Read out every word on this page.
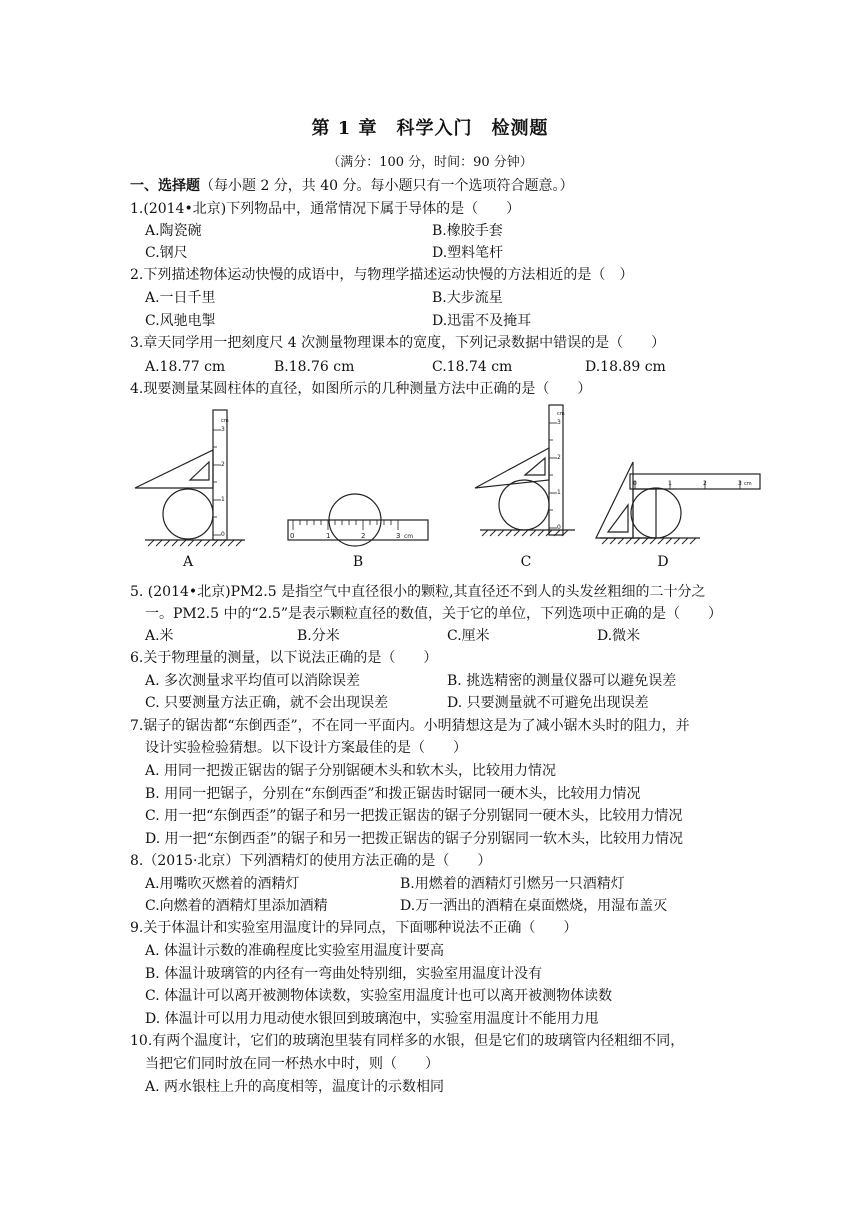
第 1 章　科学入门　检测题
（满分：100 分，时间：90 分钟）
一、选择题（每小题 2 分，共 40 分。每小题只有一个选项符合题意。）
1.(2014•北京)下列物品中，通常情况下属于导体的是（　　）
A.陶瓷碗	B.橡胶手套
C.钢尺	D.塑料笔杆
2.下列描述物体运动快慢的成语中，与物理学描述运动快慢的方法相近的是（　）
A.一日千里	B.大步流星
C.风驰电掣	D.迅雷不及掩耳
3.章天同学用一把刻度尺 4 次测量物理课本的宽度，下列记录数据中错误的是（　　）
A.18.77 cm	B.18.76 cm	C.18.74 cm	D.18.89 cm
4.现要测量某圆柱体的直径，如图所示的几种测量方法中正确的是（　　）
0
1
2
3
cm
0	1	2	3 cm
0
1
2
3
cm
0	1	2	3 cm
A	B	C	D
5. (2014•北京)PM2.5 是指空气中直径很小的颗粒,其直径还不到人的头发丝粗细的二十分之
一。PM2.5 中的“2.5”是表示颗粒直径的数值，关于它的单位，下列选项中正确的是（　　）
A.米	B.分米	C.厘米	D.微米
6.关于物理量的测量，以下说法正确的是（　　）
A. 多次测量求平均值可以消除误差	B. 挑选精密的测量仪器可以避免误差
C. 只要测量方法正确，就不会出现误差	D. 只要测量就不可避免出现误差
7.锯子的锯齿都“东倒西歪”，不在同一平面内。小明猜想这是为了减小锯木头时的阻力，并
设计实验检验猜想。以下设计方案最佳的是（　　）
A. 用同一把拨正锯齿的锯子分别锯硬木头和软木头，比较用力情况
B. 用同一把锯子，分别在“东倒西歪”和拨正锯齿时锯同一硬木头，比较用力情况
C. 用一把“东倒西歪”的锯子和另一把拨正锯齿的锯子分别锯同一硬木头，比较用力情况
D. 用一把“东倒西歪”的锯子和另一把拨正锯齿的锯子分别锯同一软木头，比较用力情况
8.（2015·北京）下列酒精灯的使用方法正确的是（　　）
A.用嘴吹灭燃着的酒精灯	B.用燃着的酒精灯引燃另一只酒精灯
C.向燃着的酒精灯里添加酒精	D.万一洒出的酒精在桌面燃烧，用湿布盖灭
9.关于体温计和实验室用温度计的异同点，下面哪种说法不正确（　　）
A. 体温计示数的准确程度比实验室用温度计要高
B. 体温计玻璃管的内径有一弯曲处特别细，实验室用温度计没有
C. 体温计可以离开被测物体读数，实验室用温度计也可以离开被测物体读数
D. 体温计可以用力甩动使水银回到玻璃泡中，实验室用温度计不能用力甩
10.有两个温度计，它们的玻璃泡里装有同样多的水银，但是它们的玻璃管内径粗细不同，
当把它们同时放在同一杯热水中时，则（　　）
A. 两水银柱上升的高度相等，温度计的示数相同
